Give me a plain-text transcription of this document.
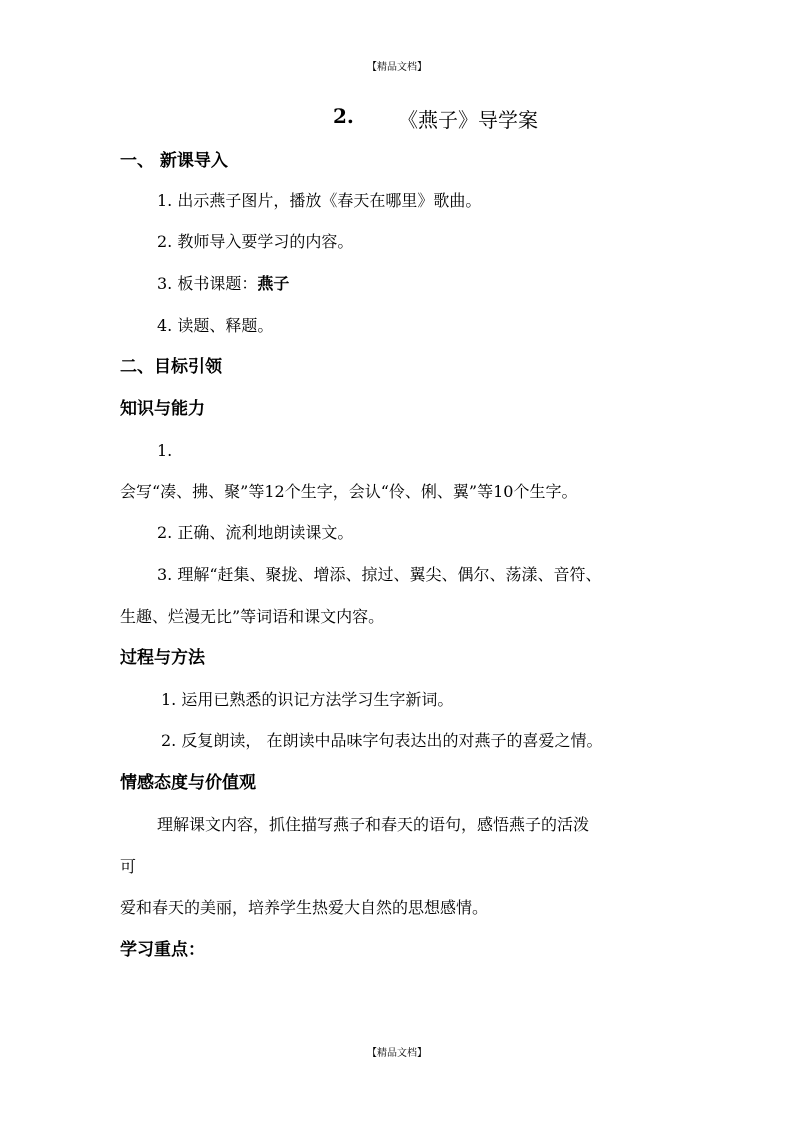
【精品文档】
2. 《燕子》导学案
一、 新课导入
1. 出示燕子图片，播放《春天在哪里》歌曲。
2. 教师导入要学习的内容。
3. 板书课题：燕子
4. 读题、释题。
二、目标引领
知识与能力
1.
会写“凑、拂、聚”等12个生字，会认“伶、俐、翼”等10个生字。
2. 正确、流利地朗读课文。
3. 理解“赶集、聚拢、增添、掠过、翼尖、偶尔、荡漾、音符、
生趣、烂漫无比”等词语和课文内容。
过程与方法
1. 运用已熟悉的识记方法学习生字新词。
2. 反复朗读， 在朗读中品味字句表达出的对燕子的喜爱之情。
情感态度与价值观
理解课文内容，抓住描写燕子和春天的语句，感悟燕子的活泼
可
爱和春天的美丽，培养学生热爱大自然的思想感情。
学习重点：
【精品文档】
